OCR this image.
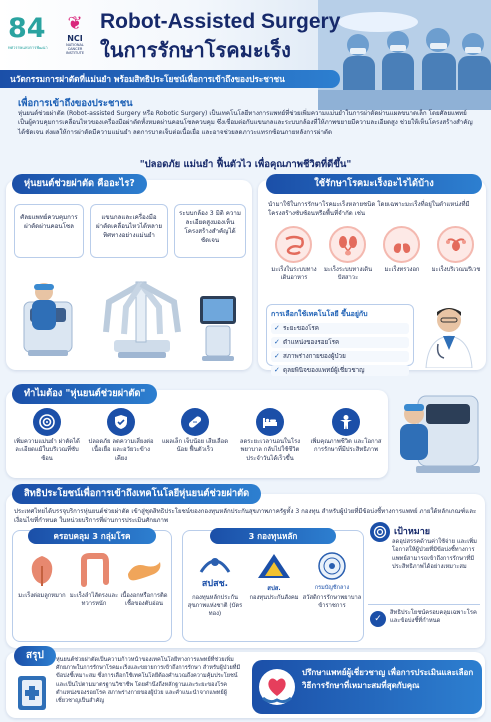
84
ทศวรรษแห่งการพัฒนา
❦
NCI
NATIONAL
CANCER
INSTITUTE
Robot-Assisted Surgery
ในการรักษาโรคมะเร็ง
นวัตกรรมการผ่าตัดที่แม่นยำ พร้อมสิทธิประโยชน์เพื่อการเข้าถึงของประชาชน
เพื่อการเข้าถึงของประชาชน
หุ่นยนต์ช่วยผ่าตัด (Robot-assisted Surgery หรือ Robotic Surgery) เป็นเทคโนโลยีทางการแพทย์ที่ช่วยเพิ่มความแม่นยำในการผ่าตัดผ่านแผลขนาดเล็ก โดยศัลยแพทย์เป็นผู้ควบคุมการเคลื่อนไหวของเครื่องมือผ่าตัดทั้งหมดผ่านคอนโซลควบคุม ซึ่งเชื่อมต่อกับแขนกลและระบบกล้องที่ให้ภาพขยายมีความละเอียดสูง ช่วยให้เห็นโครงสร้างสำคัญ ได้ชัดเจน ส่งผลให้การผ่าตัดมีความแม่นยำ ลดการบาดเจ็บต่อเนื้อเยื่อ และอาจช่วยลดภาวะแทรกซ้อนภายหลังการผ่าตัด
"ปลอดภัย แม่นยำ ฟื้นตัวไว เพื่อคุณภาพชีวิตที่ดีขึ้น"
หุ่นยนต์ช่วยผ่าตัด คืออะไร?
ศัลยแพทย์ควบคุมการผ่าตัดผ่านคอนโซล
แขนกลและเครื่องมือผ่าตัดเคลื่อนไหวได้หลายทิศทางอย่างแม่นยำ
ระบบกล้อง 3 มิติ ความละเอียดสูงมองเห็นโครงสร้างสำคัญได้ชัดเจน
ใช้รักษาโรคมะเร็งอะไรได้บ้าง
นำมาใช้ในการรักษาโรคมะเร็งหลายชนิด โดยเฉพาะมะเร็งที่อยู่ในตำแหน่งที่มีโครงสร้างซับซ้อนหรือพื้นที่จำกัด เช่น
มะเร็งในระบบทางเดินอาหาร
มะเร็งระบบทางเดินปัสสาวะ
มะเร็งทรวงอก	มะเร็งบริเวณนรีเวช
การเลือกใช้เทคโนโลยี ขึ้นอยู่กับ
✓ ระยะของโรค
✓ ตำแหน่งของรอยโรค
✓ สภาพร่างกายของผู้ป่วย
✓ ดุลยพินิจของแพทย์ผู้เชี่ยวชาญ
ทำไมต้อง "หุ่นยนต์ช่วยผ่าตัด"
เพิ่มความแม่นยำ ผ่าตัดได้ละเอียดแม้ในบริเวณที่ซับซ้อน
ปลอดภัย ลดความเสี่ยงต่อเนื้อเยื่อ และอวัยวะข้างเคียง
แผลเล็ก เจ็บน้อย เสียเลือดน้อย ฟื้นตัวเร็ว
ลดระยะเวลานอนในโรงพยาบาล กลับไปใช้ชีวิตประจำวันได้เร็วขึ้น
เพิ่มคุณภาพชีวิต และโอกาสการรักษาที่มีประสิทธิภาพ
สิทธิประโยชน์เพื่อการเข้าถึงเทคโนโลยีหุ่นยนต์ช่วยผ่าตัด
ประเทศไทยได้บรรจุบริการหุ่นยนต์ช่วยผ่าตัด เข้าสู่ชุดสิทธิประโยชน์ของกองทุนหลักประกันสุขภาพภาครัฐทั้ง 3 กองทุน สำหรับผู้ป่วยที่มีข้อบ่งชี้ทางการแพทย์ ภายใต้หลักเกณฑ์และเงื่อนไขที่กำหนด ในหน่วยบริการที่ผ่านการประเมินศักยภาพ
ครอบคลุม 3 กลุ่มโรค
มะเร็งต่อมลูกหมาก มะเร็งลำไส้ตรงและทวารหนัก
เนื้องอกหรือการติดเชื้อของตับอ่อน
3 กองทุนหลัก
สปสช.
กองทุนหลักประกันสุขภาพแห่งชาติ (บัตรทอง)
สปส.
กองทุนประกันสังคม
กรมบัญชีกลาง
สวัสดิการรักษาพยาบาลข้าราชการ
เป้าหมาย
ลดอุปสรรคด้านค่าใช้จ่าย และเพิ่มโอกาสให้ผู้ป่วยที่มีข้อบ่งชี้ทางการแพทย์สามารถเข้าถึงการรักษาที่มีประสิทธิภาพได้อย่างเหมาะสม
✓
สิทธิประโยชน์ครอบคลุมเฉพาะโรคและข้อบ่งชี้ที่กำหนด
สรุป	หุ่นยนต์ช่วยผ่าตัดเป็นความก้าวหน้าของเทคโนโลยีทางการแพทย์ที่ช่วยเพิ่มศักยภาพในการรักษาโรคมะเร็งและขยายการเข้าถึงการรักษา สำหรับผู้ป่วยที่มีข้อบ่งชี้เหมาะสม ซึ่งการเลือกใช้เทคโนโลยีต้องคำนวณถึงความคุ้มประโยชน์และเป็นไปตามมาตรฐานวิชาชีพ โดยคำนึงถึงหลักฐานและระยะของโรค ตำแหน่งของรอยโรค สภาพร่างกายของผู้ป่วย และคำแนะนำจากแพทย์ผู้เชี่ยวชาญเป็นสำคัญ
ปรึกษาแพทย์ผู้เชี่ยวชาญ เพื่อการประเมินและเลือกวิธีการรักษาที่เหมาะสมที่สุดกับคุณ
